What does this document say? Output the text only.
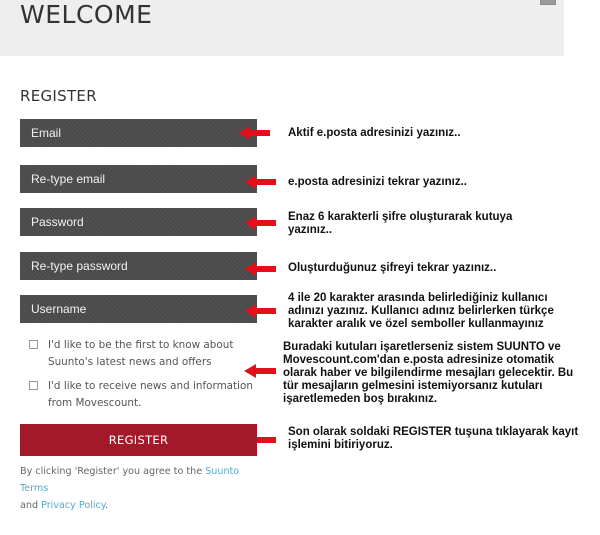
WELCOME
REGISTER
Email
Re-type email
Username
Aktif e.posta adresinizi yazınız..
e.posta adresinizi tekrar yazınız..
Enaz 6 karakterli şifre oluşturarak kutuya yazınız..
Oluşturduğunuz şifreyi tekrar yazınız..
4 ile 20 karakter arasında belirlediğiniz kullanıcı adınızı yazınız. Kullanıcı adınız belirlerken türkçe karakter aralık ve özel semboller kullanmayınız
Buradaki kutuları işaretlerseniz sistem SUUNTO ve Movescount.com'dan e.posta adresinize otomatik olarak haber ve bilgilendirme mesajları gelecektir. Bu tür mesajların gelmesini istemiyorsanız kutuları işaretlemeden boş bırakınız.
Son olarak soldaki REGISTER tuşuna tıklayarak kayıt işlemini bitiriyoruz.
I'd like to be the first to know about Suunto's latest news and offers
I'd like to receive news and information from Movescount.
REGISTER
By clicking 'Register' you agree to the Suunto Terms
and Privacy Policy.
